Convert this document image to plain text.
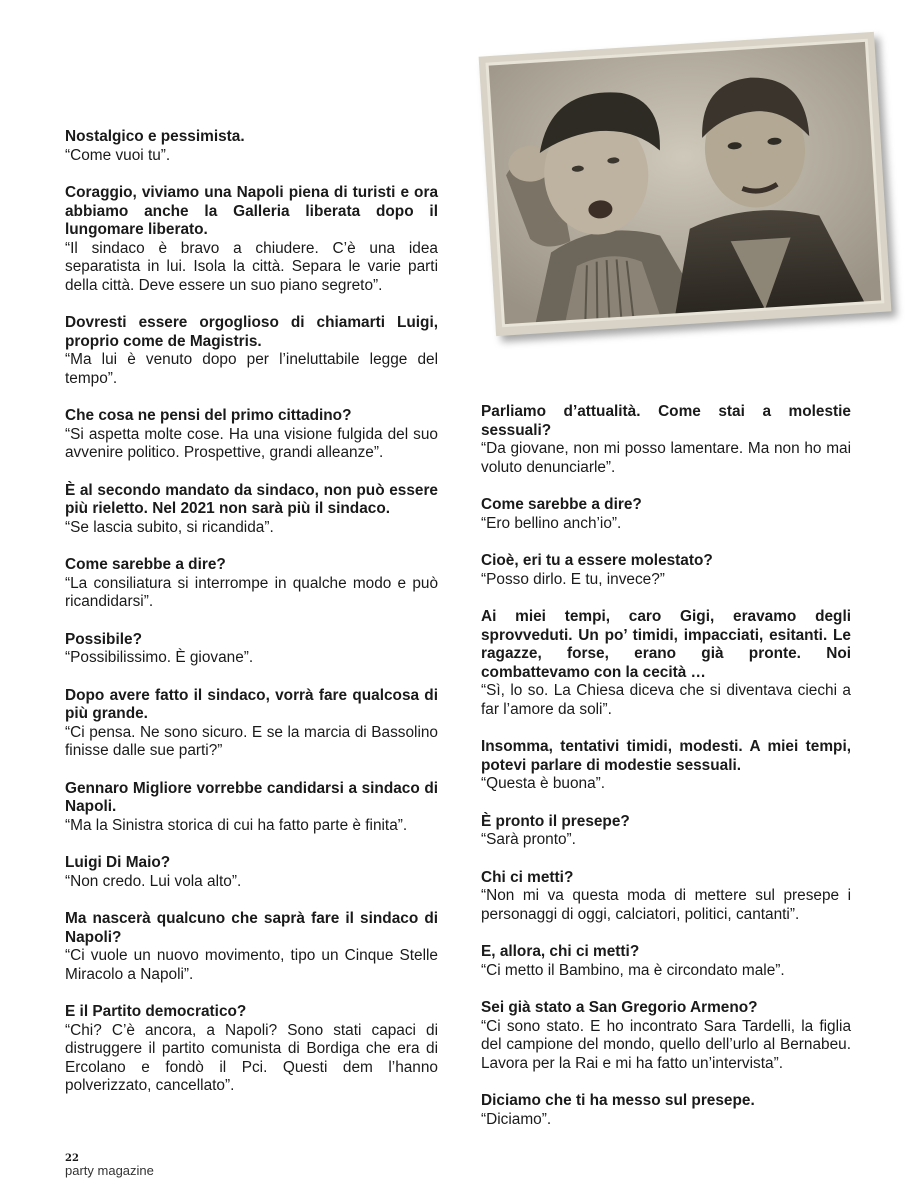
Nostalgico e pessimista.
“Come vuoi tu”.
Coraggio, viviamo una Napoli piena di turisti e ora abbiamo anche la Galleria liberata dopo il lungomare liberato.
“Il sindaco è bravo a chiudere. C’è una idea separatista in lui. Isola la città. Separa le varie parti della città. Deve essere un suo piano segreto”.
Dovresti essere orgoglioso di chiamarti Luigi, proprio come de Magistris.
“Ma lui è venuto dopo per l’ineluttabile legge del tempo”.
Che cosa ne pensi del primo cittadino?
“Si aspetta molte cose. Ha una visione fulgida del suo avvenire politico. Prospettive, grandi alleanze”.
È al secondo mandato da sindaco, non può essere più rieletto. Nel 2021 non sarà più il sindaco.
“Se lascia subito, si ricandida”.
Come sarebbe a dire?
“La consiliatura si interrompe in qualche modo e può ricandidarsi”.
Possibile?
“Possibilissimo. È giovane”.
Dopo avere fatto il sindaco, vorrà fare qualcosa di più grande.
“Ci pensa. Ne sono sicuro. E se la marcia di Bassolino finisse dalle sue parti?”
Gennaro Migliore vorrebbe candidarsi a sindaco di Napoli.
“Ma la Sinistra storica di cui ha fatto parte è finita”.
Luigi Di Maio?
“Non credo. Lui vola alto”.
Ma nascerà qualcuno che saprà fare il sindaco di Napoli?
“Ci vuole un nuovo movimento, tipo un Cinque Stelle Miracolo a Napoli”.
E il Partito democratico?
“Chi? C’è ancora, a Napoli? Sono stati capaci di distruggere il partito comunista di Bordiga che era di Ercolano e fondò il Pci. Questi dem l’hanno polverizzato, cancellato”.
Parliamo d’attualità. Come stai a molestie sessuali?
“Da giovane, non mi posso lamentare. Ma non ho mai voluto denunciarle”.
Come sarebbe a dire?
“Ero bellino anch’io”.
Cioè, eri tu a essere molestato?
“Posso dirlo. E tu, invece?”
Ai miei tempi, caro Gigi, eravamo degli sprovveduti. Un po’ timidi, impacciati, esitanti. Le ragazze, forse, erano già pronte. Noi combattevamo con la cecità …
“Sì, lo so. La Chiesa diceva che si diventava ciechi a far l’amore da soli”.
Insomma, tentativi timidi, modesti. A miei tempi, potevi parlare di modestie sessuali.
“Questa è buona”.
È pronto il presepe?
“Sarà pronto”.
Chi ci metti?
“Non mi va questa moda di mettere sul presepe i personaggi di oggi, calciatori, politici, cantanti”.
E, allora, chi ci metti?
“Ci metto il Bambino, ma è circondato male”.
Sei già stato a San Gregorio Armeno?
“Ci sono stato. E ho incontrato Sara Tardelli, la figlia del campione del mondo, quello dell’urlo al Bernabeu. Lavora per la Rai e mi ha fatto un’intervista”.
Diciamo che ti ha messo sul presepe.
“Diciamo”.
22
party magazine
